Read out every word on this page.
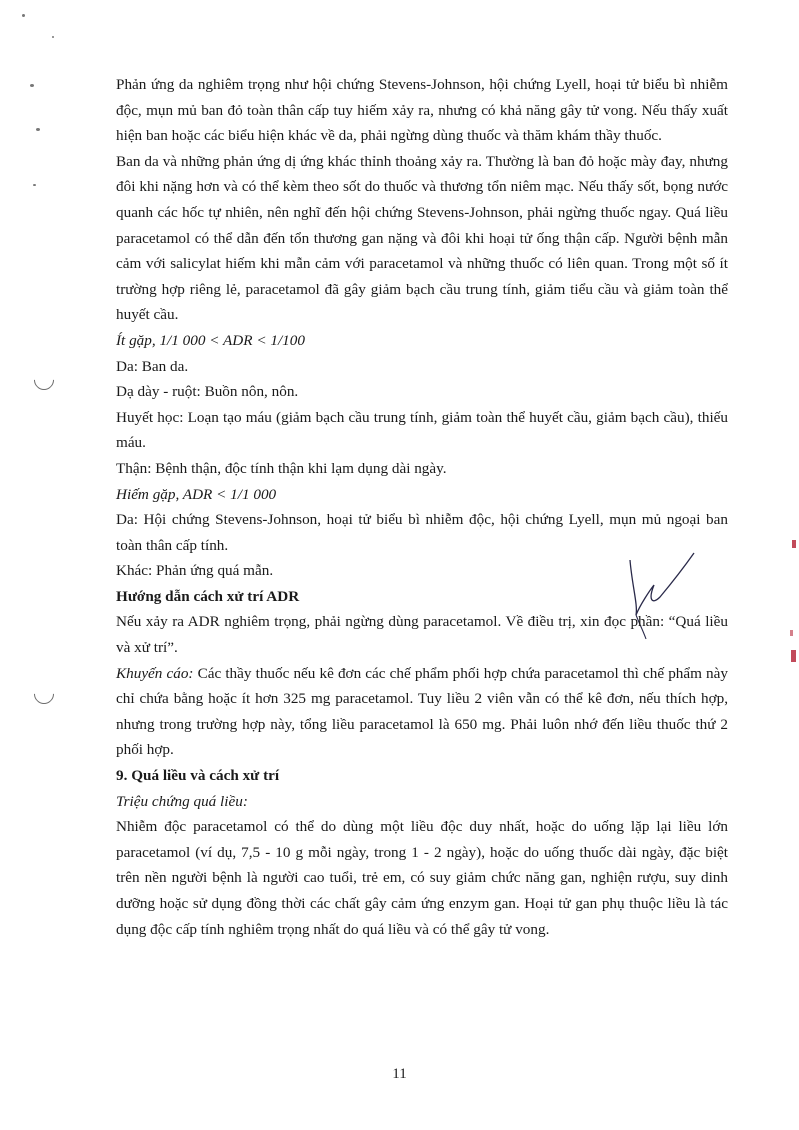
Phản ứng da nghiêm trọng như hội chứng Stevens-Johnson, hội chứng Lyell, hoại tử biểu bì nhiễm độc, mụn mủ ban đỏ toàn thân cấp tuy hiếm xảy ra, nhưng có khả năng gây tử vong. Nếu thấy xuất hiện ban hoặc các biểu hiện khác về da, phải ngừng dùng thuốc và thăm khám thầy thuốc.

Ban da và những phản ứng dị ứng khác thỉnh thoảng xảy ra. Thường là ban đỏ hoặc mày đay, nhưng đôi khi nặng hơn và có thể kèm theo sốt do thuốc và thương tổn niêm mạc. Nếu thấy sốt, bọng nước quanh các hốc tự nhiên, nên nghĩ đến hội chứng Stevens-Johnson, phải ngừng thuốc ngay. Quá liều paracetamol có thể dẫn đến tổn thương gan nặng và đôi khi hoại tử ống thận cấp. Người bệnh mẫn cảm với salicylat hiếm khi mẫn cảm với paracetamol và những thuốc có liên quan. Trong một số ít trường hợp riêng lẻ, paracetamol đã gây giảm bạch cầu trung tính, giảm tiểu cầu và giảm toàn thể huyết cầu.

Ít gặp, 1/1 000 < ADR < 1/100

Da: Ban da.

Dạ dày - ruột: Buồn nôn, nôn.

Huyết học: Loạn tạo máu (giảm bạch cầu trung tính, giảm toàn thể huyết cầu, giảm bạch cầu), thiếu máu.

Thận: Bệnh thận, độc tính thận khi lạm dụng dài ngày.

Hiếm gặp, ADR < 1/1 000

Da: Hội chứng Stevens-Johnson, hoại tử biểu bì nhiễm độc, hội chứng Lyell, mụn mủ ngoại ban toàn thân cấp tính.

Khác: Phản ứng quá mẫn.

Hướng dẫn cách xử trí ADR

Nếu xảy ra ADR nghiêm trọng, phải ngừng dùng paracetamol. Về điều trị, xin đọc phần: “Quá liều và xử trí”.

Khuyến cáo: Các thầy thuốc nếu kê đơn các chế phẩm phối hợp chứa paracetamol thì chế phẩm này chỉ chứa bằng hoặc ít hơn 325 mg paracetamol. Tuy liều 2 viên vẫn có thể kê đơn, nếu thích hợp, nhưng trong trường hợp này, tổng liều paracetamol là 650 mg. Phải luôn nhớ đến liều thuốc thứ 2 phối hợp.

9. Quá liều và cách xử trí

Triệu chứng quá liều:

Nhiễm độc paracetamol có thể do dùng một liều độc duy nhất, hoặc do uống lặp lại liều lớn paracetamol (ví dụ, 7,5 - 10 g mỗi ngày, trong 1 - 2 ngày), hoặc do uống thuốc dài ngày, đặc biệt trên nền người bệnh là người cao tuổi, trẻ em, có suy giảm chức năng gan, nghiện rượu, suy dinh dưỡng hoặc sử dụng đồng thời các chất gây cảm ứng enzym gan. Hoại tử gan phụ thuộc liều là tác dụng độc cấp tính nghiêm trọng nhất do quá liều và có thể gây tử vong.

11
